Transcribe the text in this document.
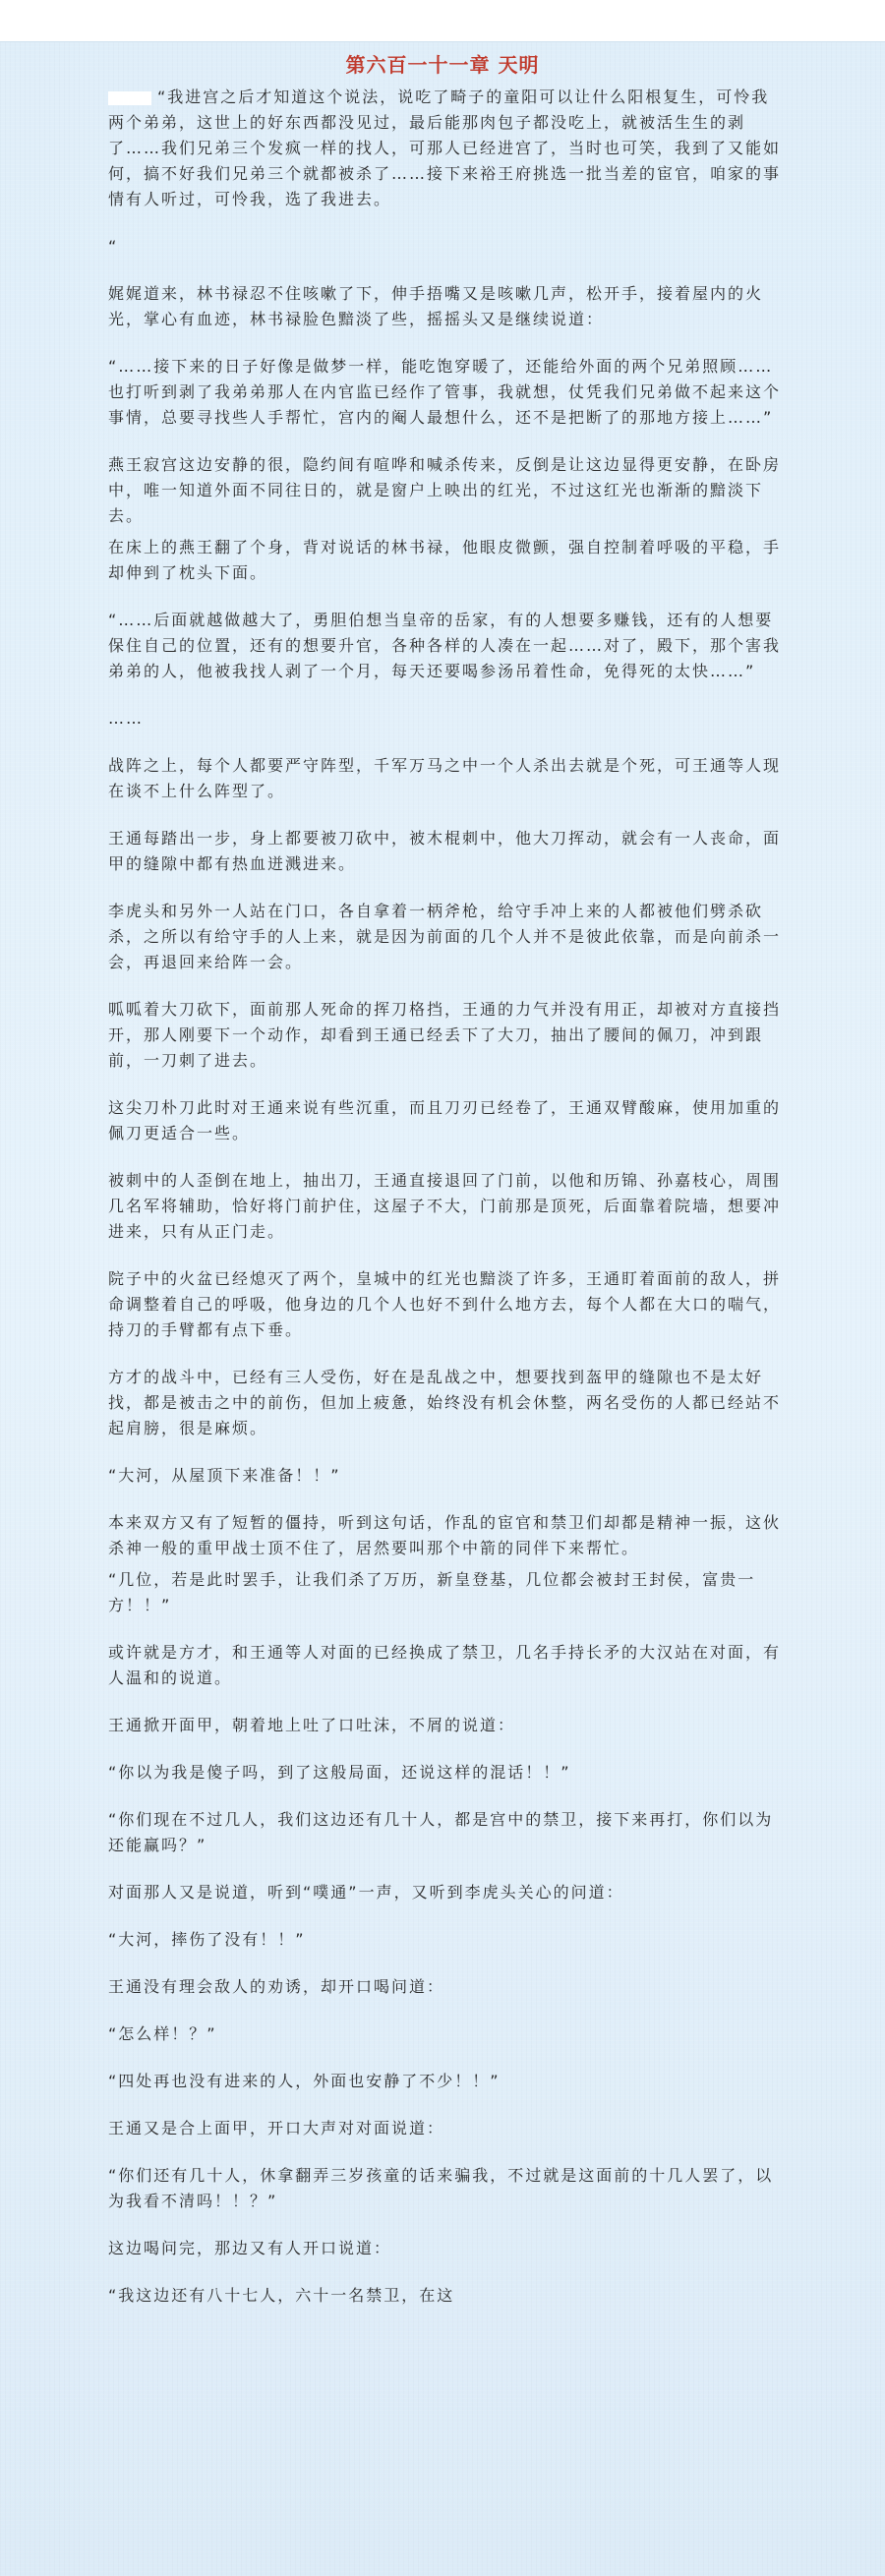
第六百一十一章 天明

“我进宫之后才知道这个说法，说吃了畸子的童阳可以让什么阳根复生，可怜我两个弟弟，这世上的好东西都没见过，最后能那肉包子都没吃上，就被活生生的剥了……我们兄弟三个发疯一样的找人，可那人已经进宫了，当时也可笑，我到了又能如何，搞不好我们兄弟三个就都被杀了……接下来裕王府挑选一批当差的宦官，咱家的事情有人听过，可怜我，选了我进去。

“

娓娓道来，林书禄忍不住咳嗽了下，伸手捂嘴又是咳嗽几声，松开手，接着屋内的火光，掌心有血迹，林书禄脸色黯淡了些，摇摇头又是继续说道：

“……接下来的日子好像是做梦一样，能吃饱穿暖了，还能给外面的两个兄弟照顾……也打听到剥了我弟弟那人在内官监已经作了管事，我就想，仗凭我们兄弟做不起来这个事情，总要寻找些人手帮忙，宫内的阉人最想什么，还不是把断了的那地方接上……”

燕王寂宫这边安静的很，隐约间有喧哗和喊杀传来，反倒是让这边显得更安静，在卧房中，唯一知道外面不同往日的，就是窗户上映出的红光，不过这红光也渐渐的黯淡下去。

在床上的燕王翻了个身，背对说话的林书禄，他眼皮微颤，强自控制着呼吸的平稳，手却伸到了枕头下面。

“……后面就越做越大了，勇胆伯想当皇帝的岳家，有的人想要多赚钱，还有的人想要保住自己的位置，还有的想要升官，各种各样的人凑在一起……对了，殿下，那个害我弟弟的人，他被我找人剥了一个月，每天还要喝参汤吊着性命，免得死的太快……”

……

战阵之上，每个人都要严守阵型，千军万马之中一个人杀出去就是个死，可王通等人现在谈不上什么阵型了。

王通每踏出一步，身上都要被刀砍中，被木棍刺中，他大刀挥动，就会有一人丧命，面甲的缝隙中都有热血迸溅进来。

李虎头和另外一人站在门口，各自拿着一柄斧枪，给守手冲上来的人都被他们劈杀砍杀，之所以有给守手的人上来，就是因为前面的几个人并不是彼此依靠，而是向前杀一会，再退回来给阵一会。

呱呱着大刀砍下，面前那人死命的挥刀格挡，王通的力气并没有用正，却被对方直接挡开，那人刚要下一个动作，却看到王通已经丢下了大刀，抽出了腰间的佩刀，冲到跟前，一刀刺了进去。

这尖刀朴刀此时对王通来说有些沉重，而且刀刃已经卷了，王通双臂酸麻，使用加重的佩刀更适合一些。

被刺中的人歪倒在地上，抽出刀，王通直接退回了门前，以他和历锦、孙嘉枝心，周围几名军将辅助，恰好将门前护住，这屋子不大，门前那是顶死，后面靠着院墙，想要冲进来，只有从正门走。

院子中的火盆已经熄灭了两个，皇城中的红光也黯淡了许多，王通盯着面前的敌人，拼命调整着自己的呼吸，他身边的几个人也好不到什么地方去，每个人都在大口的喘气，持刀的手臂都有点下垂。

方才的战斗中，已经有三人受伤，好在是乱战之中，想要找到盔甲的缝隙也不是太好找，都是被击之中的前伤，但加上疲惫，始终没有机会休整，两名受伤的人都已经站不起肩膀，很是麻烦。

“大河，从屋顶下来准备！！”

本来双方又有了短暂的僵持，听到这句话，作乱的宦官和禁卫们却都是精神一振，这伙杀神一般的重甲战士顶不住了，居然要叫那个中箭的同伴下来帮忙。

“几位，若是此时罢手，让我们杀了万历，新皇登基，几位都会被封王封侯，富贵一方！！”

或许就是方才，和王通等人对面的已经换成了禁卫，几名手持长矛的大汉站在对面，有人温和的说道。

王通掀开面甲，朝着地上吐了口吐沫，不屑的说道：

“你以为我是傻子吗，到了这般局面，还说这样的混话！！”

“你们现在不过几人，我们这边还有几十人，都是宫中的禁卫，接下来再打，你们以为还能赢吗？”

对面那人又是说道，听到“噗通”一声，又听到李虎头关心的问道：

“大河，摔伤了没有！！”

王通没有理会敌人的劝诱，却开口喝问道：

“怎么样！？”

“四处再也没有进来的人，外面也安静了不少！！”

王通又是合上面甲，开口大声对对面说道：

“你们还有几十人，休拿翻弄三岁孩童的话来骗我，不过就是这面前的十几人罢了，以为我看不清吗！！？”

这边喝问完，那边又有人开口说道：

“我这边还有八十七人，六十一名禁卫，在这
